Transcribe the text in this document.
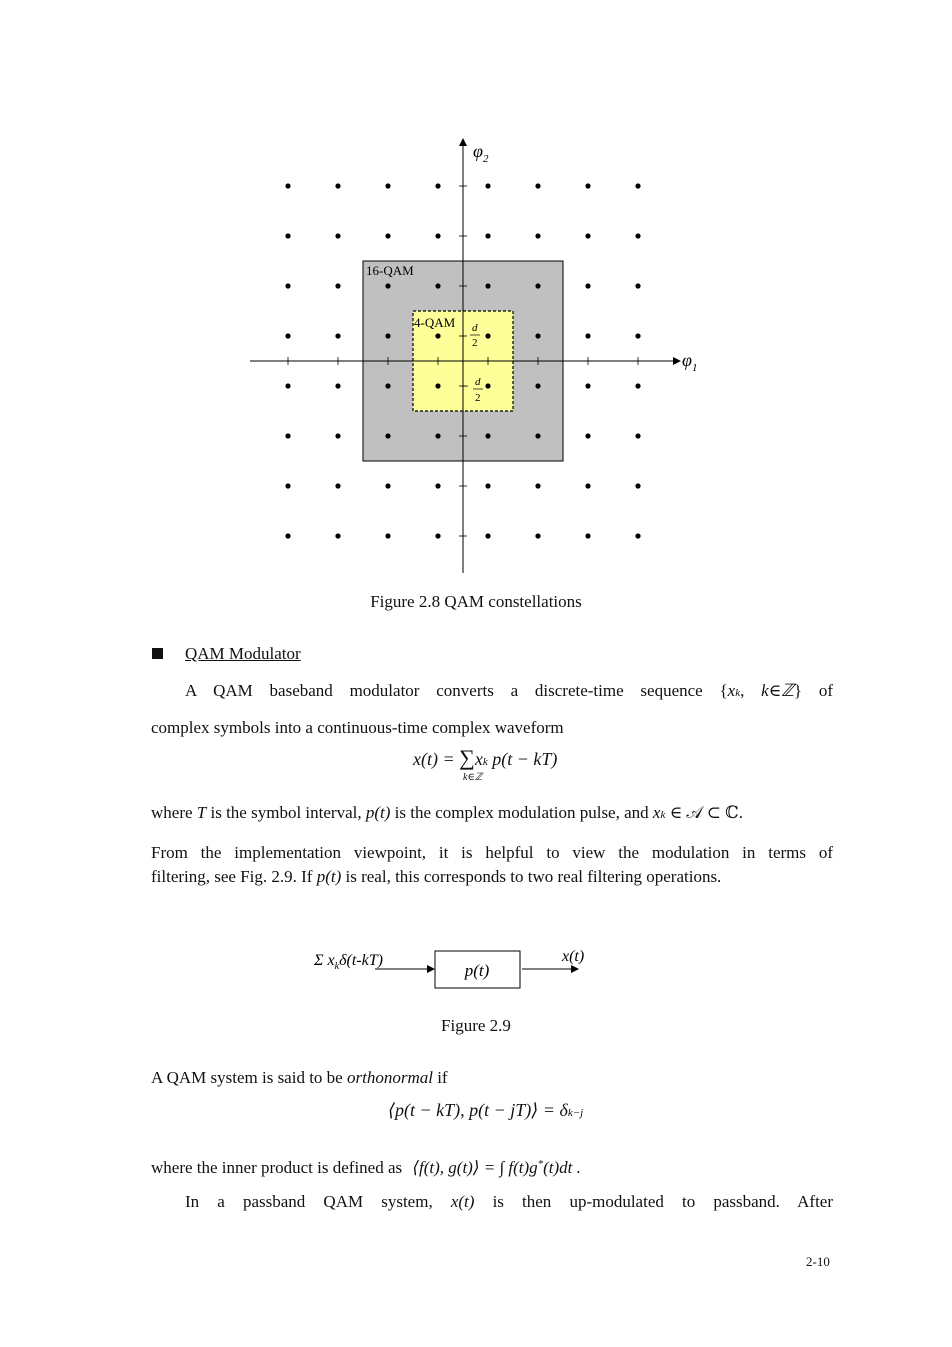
$\varphi_2$
$\varphi_1$
16-QAM
4-QAM d
2
− d
2
Figure 2.8 QAM constellations
QAM Modulator
A QAM baseband modulator converts a discrete-time sequence {xk, k∈ℤ} of
complex symbols into a continuous-time complex waveform
x(t) = ∑xk p(t − kT)
k∈ℤ
where T is the symbol interval, p(t) is the complex modulation pulse, and xk ∈ 𝒜 ⊂ ℂ.
From the implementation viewpoint, it is helpful to view the modulation in terms of
filtering, see Fig. 2.9. If p(t) is real, this corresponds to two real filtering operations.
Σ $x_k\delta(t-kT)$
p(t)
x(t)
Figure 2.9
A QAM system is said to be orthonormal if
⟨p(t − kT), p(t − jT)⟩ = δk−j
where the inner product is defined as ⟨f(t), g(t)⟩ = ∫ f(t)g*(t)dt .
In a passband QAM system, x(t) is then up-modulated to passband. After
2-10
